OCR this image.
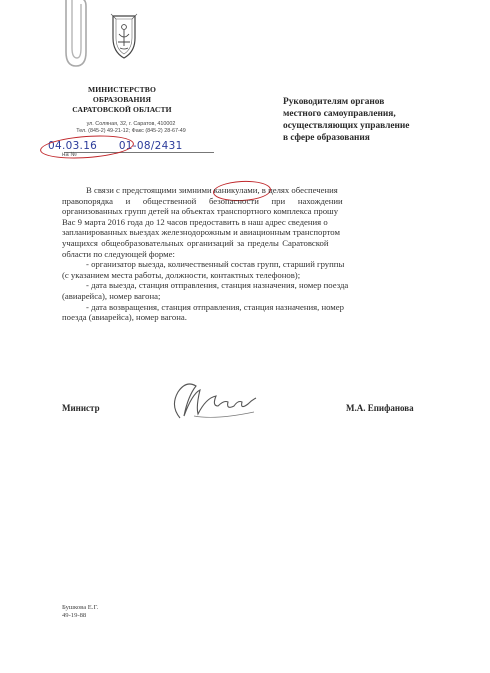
МИНИСТЕРСТВО
ОБРАЗОВАНИЯ
САРАТОВСКОЙ ОБЛАСТИ
ул. Соляная, 32, г. Саратов, 410002
Тел. (845-2) 49-21-12; Факс (845-2) 28-67-49
04.03.16 01-08/2431
на №
Руководителям органов
местного самоуправления,
осуществляющих управление
в сфере образования
В связи с предстоящими зимними каникулами, в целях обеспечения
правопорядка и общественной безопасности при нахождении
организованных групп детей на объектах транспортного комплекса прошу
Вас 9 марта 2016 года до 12 часов предоставить в наш адрес сведения о
запланированных выездах железнодорожным и авиационным транспортом
учащихся общеобразовательных организаций за пределы Саратовской
области по следующей форме:
- организатор выезда, количественный состав групп, старший группы
(с указанием места работы, должности, контактных телефонов);
- дата выезда, станция отправления, станция назначения, номер поезда
(авиарейса), номер вагона;
- дата возвращения, станция отправления, станция назначения, номер
поезда (авиарейса), номер вагона.
Министр	М.А. Епифанова
Бушкова Е.Г.
49-19-88
